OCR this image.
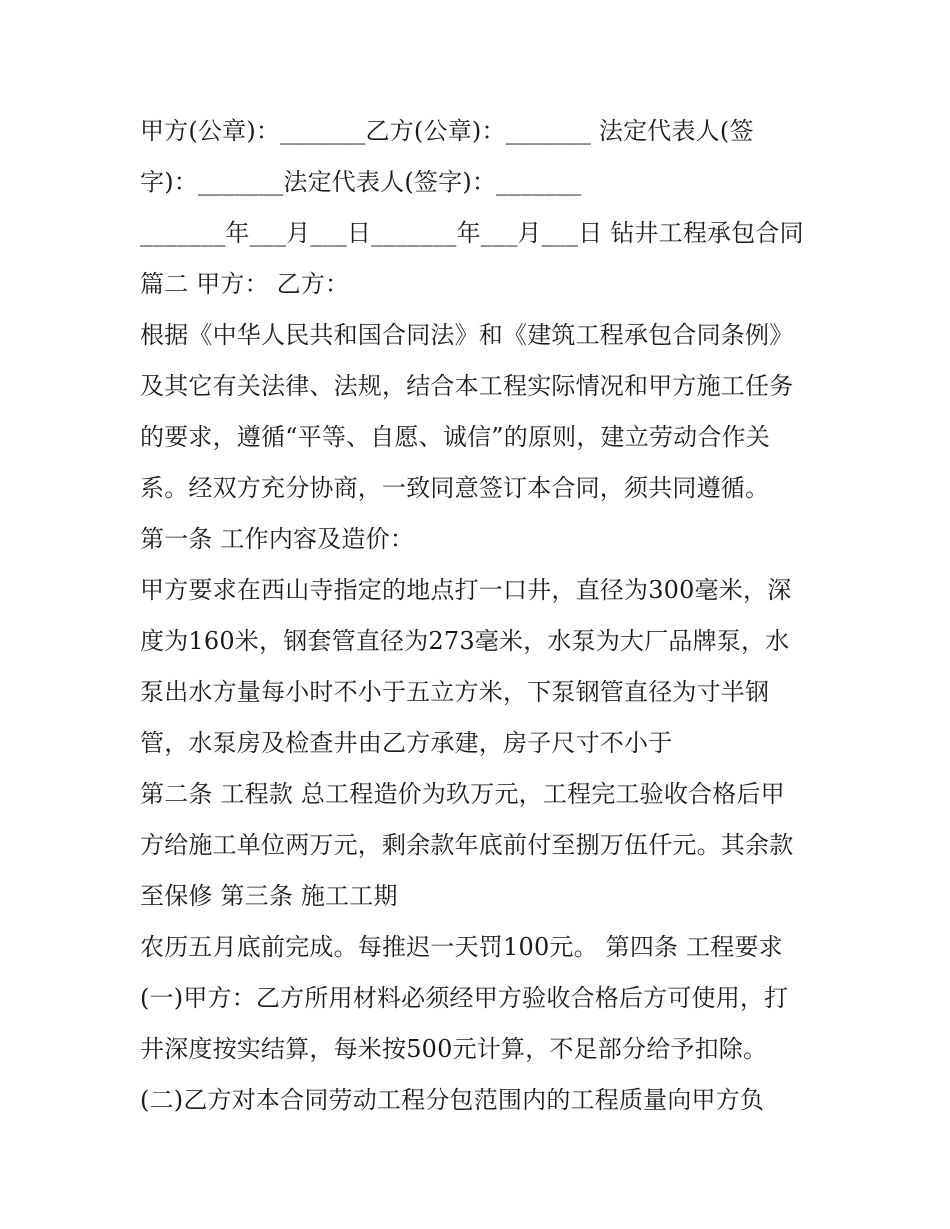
甲方(公章)：_______乙方(公章)：_______ 法定代表人(签
字)：_______法定代表人(签字)：_______
_______年___月___日_______年___月___日 钻井工程承包合同
篇二 甲方： 乙方：
根据《中华人民共和国合同法》和《建筑工程承包合同条例》
及其它有关法律、法规，结合本工程实际情况和甲方施工任务
的要求，遵循“平等、自愿、诚信”的原则，建立劳动合作关
系。经双方充分协商，一致同意签订本合同，须共同遵循。
第一条 工作内容及造价：
甲方要求在西山寺指定的地点打一口井，直径为300毫米，深
度为160米，钢套管直径为273毫米，水泵为大厂品牌泵，水
泵出水方量每小时不小于五立方米，下泵钢管直径为寸半钢
管，水泵房及检查井由乙方承建，房子尺寸不小于
第二条 工程款 总工程造价为玖万元，工程完工验收合格后甲
方给施工单位两万元，剩余款年底前付至捌万伍仟元。其余款
至保修 第三条 施工工期
农历五月底前完成。每推迟一天罚100元。 第四条 工程要求
(一)甲方：乙方所用材料必须经甲方验收合格后方可使用，打
井深度按实结算，每米按500元计算，不足部分给予扣除。
(二)乙方对本合同劳动工程分包范围内的工程质量向甲方负
